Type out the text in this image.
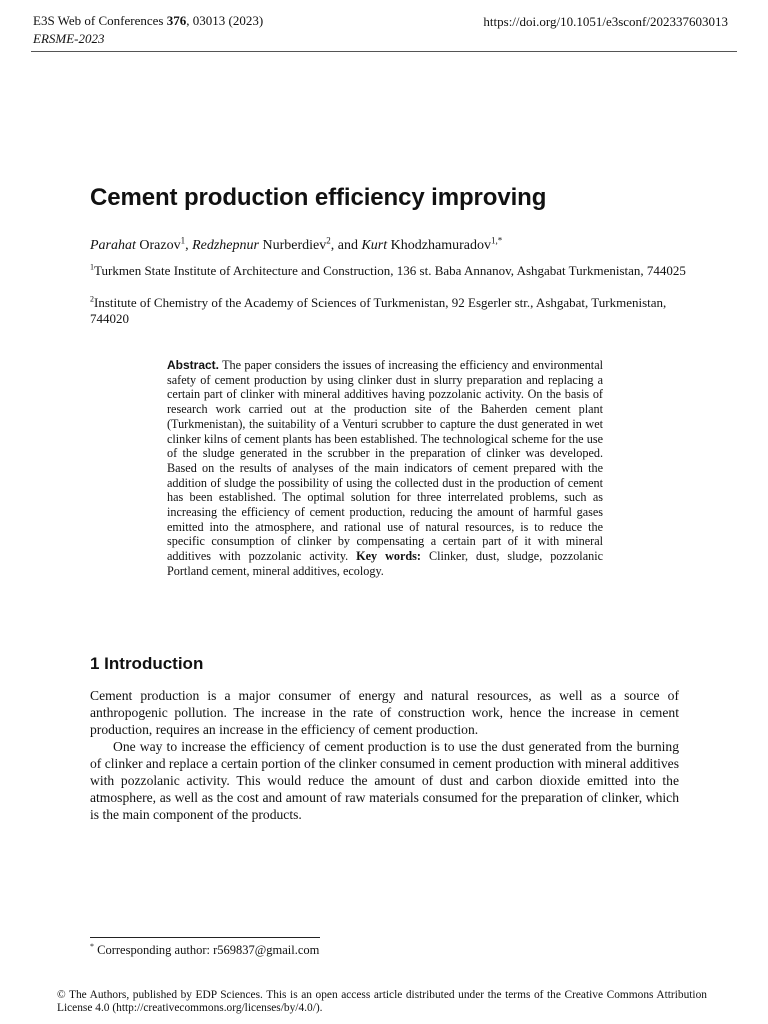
E3S Web of Conferences 376, 03013 (2023)
ERSME-2023
https://doi.org/10.1051/e3sconf/202337603013
Cement production efficiency improving
Parahat Orazov$^1$, Redzhepnur Nurberdiev$^2$, and Kurt Khodzhamuradov$^{1,*}$
$^1$Turkmen State Institute of Architecture and Construction, 136 st. Baba Annanov, Ashgabat Turkmenistan, 744025
$^2$Institute of Chemistry of the Academy of Sciences of Turkmenistan, 92 Esgerler str., Ashgabat, Turkmenistan, 744020
Abstract. The paper considers the issues of increasing the efficiency and environmental safety of cement production by using clinker dust in slurry preparation and replacing a certain part of clinker with mineral additives having pozzolanic activity. On the basis of research work carried out at the production site of the Baherden cement plant (Turkmenistan), the suitability of a Venturi scrubber to capture the dust generated in wet clinker kilns of cement plants has been established. The technological scheme for the use of the sludge generated in the scrubber in the preparation of clinker was developed. Based on the results of analyses of the main indicators of cement prepared with the addition of sludge the possibility of using the collected dust in the production of cement has been established. The optimal solution for three interrelated problems, such as increasing the efficiency of cement production, reducing the amount of harmful gases emitted into the atmosphere, and rational use of natural resources, is to reduce the specific consumption of clinker by compensating a certain part of it with mineral additives with pozzolanic activity. Key words: Clinker, dust, sludge, pozzolanic Portland cement, mineral additives, ecology.
1 Introduction

Cement production is a major consumer of energy and natural resources, as well as a source of anthropogenic pollution. The increase in the rate of construction work, hence the increase in cement production, requires an increase in the efficiency of cement production.

One way to increase the efficiency of cement production is to use the dust generated from the burning of clinker and replace a certain portion of the clinker consumed in cement production with mineral additives with pozzolanic activity. This would reduce the amount of dust and carbon dioxide emitted into the atmosphere, as well as the cost and amount of raw materials consumed for the preparation of clinker, which is the main component of the products.

* Corresponding author: r569837@gmail.com
© The Authors, published by EDP Sciences. This is an open access article distributed under the terms of the Creative Commons Attribution License 4.0 (http://creativecommons.org/licenses/by/4.0/).
